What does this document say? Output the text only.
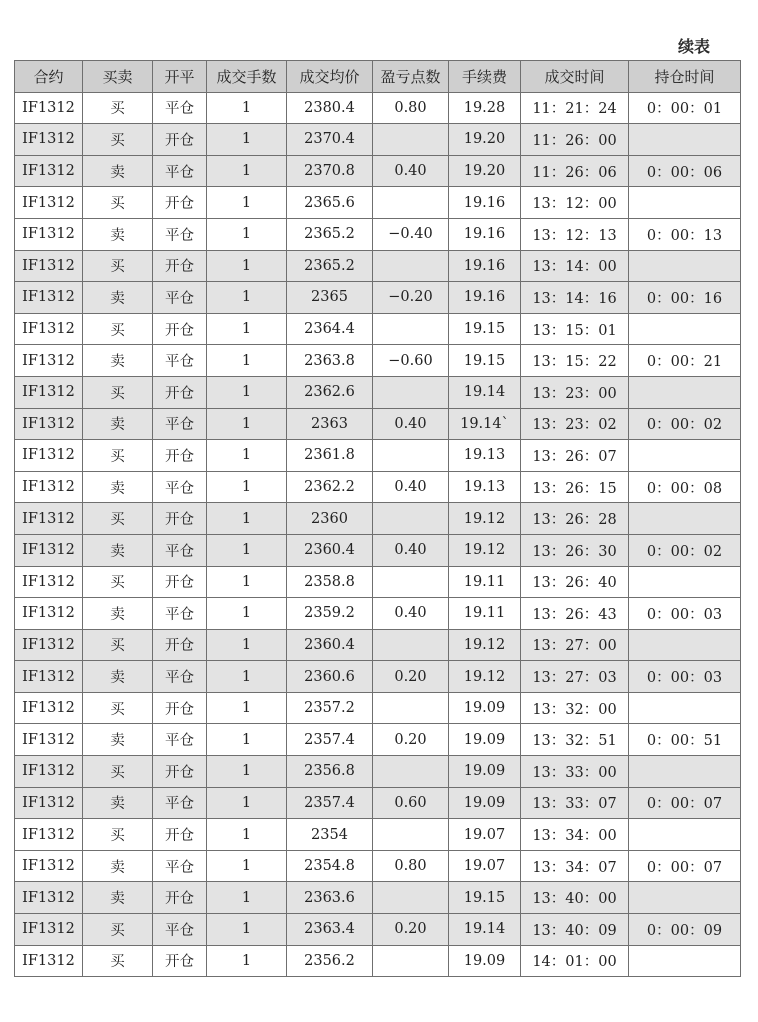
续表
合约	买卖	开平	成交手数	成交均价	盈亏点数	手续费	成交时间	持仓时间
IF1312	买	平仓	1	2380.4	0.80	19.28	11：21：24	0：00：01
IF1312	买	开仓	1	2370.4		19.20	11：26：00	
IF1312	卖	平仓	1	2370.8	0.40	19.20	11：26：06	0：00：06
IF1312	买	开仓	1	2365.6		19.16	13：12：00	
IF1312	卖	平仓	1	2365.2	−0.40	19.16	13：12：13	0：00：13
IF1312	买	开仓	1	2365.2		19.16	13：14：00	
IF1312	卖	平仓	1	2365	−0.20	19.16	13：14：16	0：00：16
IF1312	买	开仓	1	2364.4		19.15	13：15：01	
IF1312	卖	平仓	1	2363.8	−0.60	19.15	13：15：22	0：00：21
IF1312	买	开仓	1	2362.6		19.14	13：23：00	
IF1312	卖	平仓	1	2363	0.40	19.14`	13：23：02	0：00：02
IF1312	买	开仓	1	2361.8		19.13	13：26：07	
IF1312	卖	平仓	1	2362.2	0.40	19.13	13：26：15	0：00：08
IF1312	买	开仓	1	2360		19.12	13：26：28	
IF1312	卖	平仓	1	2360.4	0.40	19.12	13：26：30	0：00：02
IF1312	买	开仓	1	2358.8		19.11	13：26：40	
IF1312	卖	平仓	1	2359.2	0.40	19.11	13：26：43	0：00：03
IF1312	买	开仓	1	2360.4		19.12	13：27：00	
IF1312	卖	平仓	1	2360.6	0.20	19.12	13：27：03	0：00：03
IF1312	买	开仓	1	2357.2		19.09	13：32：00	
IF1312	卖	平仓	1	2357.4	0.20	19.09	13：32：51	0：00：51
IF1312	买	开仓	1	2356.8		19.09	13：33：00	
IF1312	卖	平仓	1	2357.4	0.60	19.09	13：33：07	0：00：07
IF1312	买	开仓	1	2354		19.07	13：34：00	
IF1312	卖	平仓	1	2354.8	0.80	19.07	13：34：07	0：00：07
IF1312	卖	开仓	1	2363.6		19.15	13：40：00	
IF1312	买	平仓	1	2363.4	0.20	19.14	13：40：09	0：00：09
IF1312	买	开仓	1	2356.2		19.09	14：01：00	
